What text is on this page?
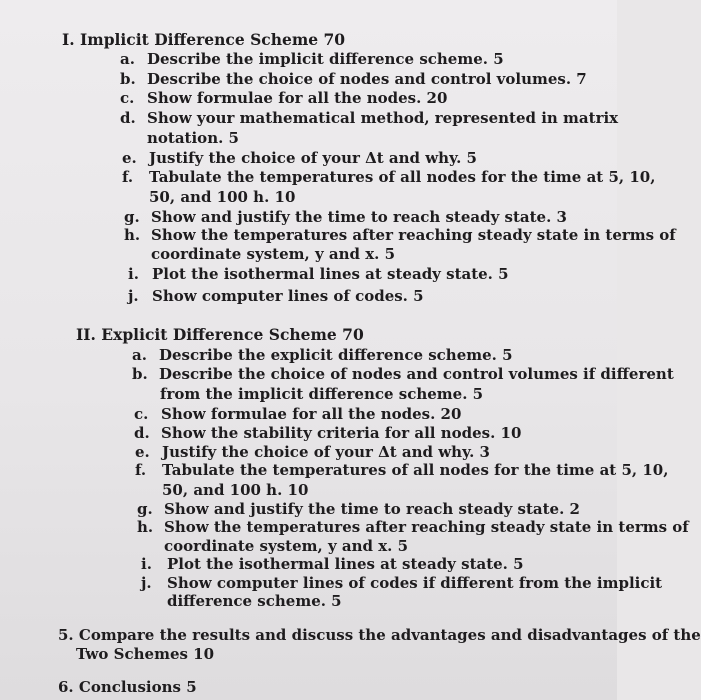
I. Implicit Difference Scheme 70
a. Describe the implicit difference scheme. 5
b. Describe the choice of nodes and control volumes. 7
c. Show formulae for all the nodes. 20
d. Show your mathematical method, represented in matrix
notation. 5
e. Justify the choice of your Δt and why. 5
f. Tabulate the temperatures of all nodes for the time at 5, 10,
50, and 100 h. 10
g. Show and justify the time to reach steady state. 3
h. Show the temperatures after reaching steady state in terms of
coordinate system, y and x. 5
i. Plot the isothermal lines at steady state. 5
j. Show computer lines of codes. 5
II. Explicit Difference Scheme 70
a. Describe the explicit difference scheme. 5
b. Describe the choice of nodes and control volumes if different
from the implicit difference scheme. 5
c. Show formulae for all the nodes. 20
d. Show the stability criteria for all nodes. 10
e. Justify the choice of your Δt and why. 3
f. Tabulate the temperatures of all nodes for the time at 5, 10,
50, and 100 h. 10
g. Show and justify the time to reach steady state. 2
h. Show the temperatures after reaching steady state in terms of
coordinate system, y and x. 5
i. Plot the isothermal lines at steady state. 5
j. Show computer lines of codes if different from the implicit
difference scheme. 5
5. Compare the results and discuss the advantages and disadvantages of the
Two Schemes 10
6. Conclusions 5
